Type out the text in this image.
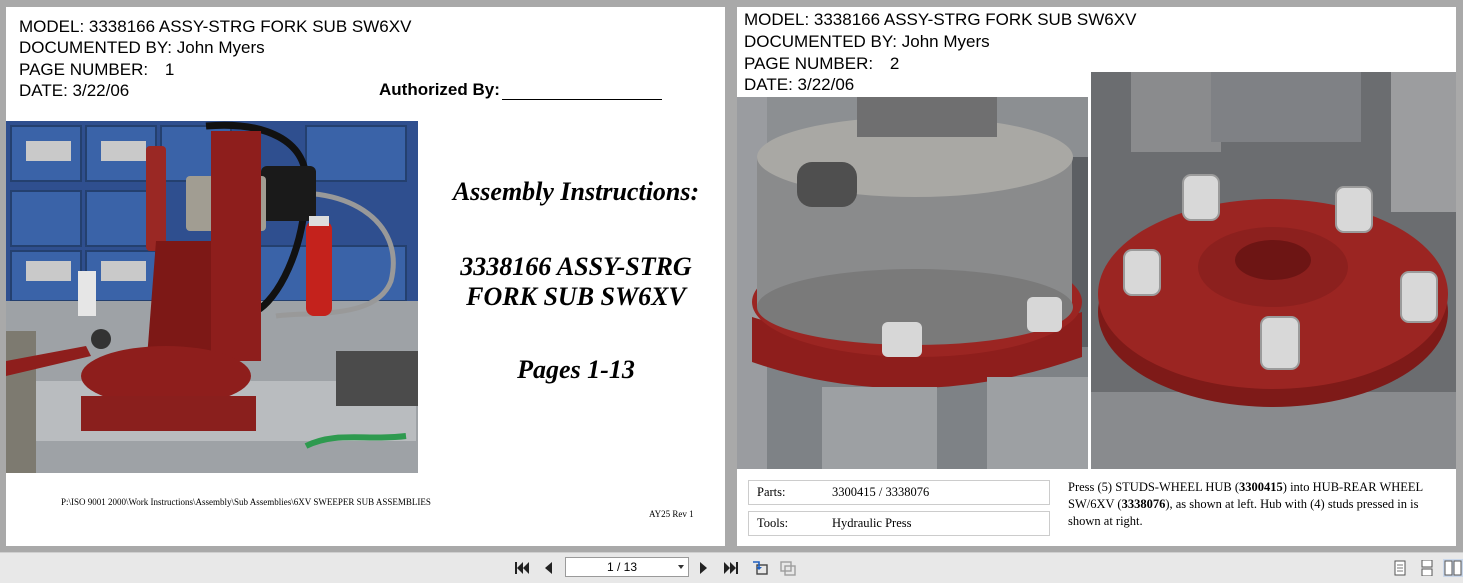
MODEL: 3338166 ASSY-STRG FORK SUB SW6XV
DOCUMENTED BY: John Myers
PAGE NUMBER: 1
DATE: 3/22/06	Authorized By:
Assembly Instructions:
3338166 ASSY-STRG
FORK SUB SW6XV
Pages 1-13
P:\ISO 9001 2000\Work Instructions\Assembly\Sub Assemblies\6XV SWEEPER SUB ASSEMBLIES
AY25 Rev 1
MODEL: 3338166 ASSY-STRG FORK SUB SW6XV
DOCUMENTED BY: John Myers
PAGE NUMBER: 2
DATE: 3/22/06
Parts:	3300415 / 3338076
Tools:	Hydraulic Press
Press (5) STUDS-WHEEL HUB (3300415) into HUB-REAR WHEEL SW/6XV (3338076), as shown at left. Hub with (4) studs pressed in is shown at right.
1 / 13
